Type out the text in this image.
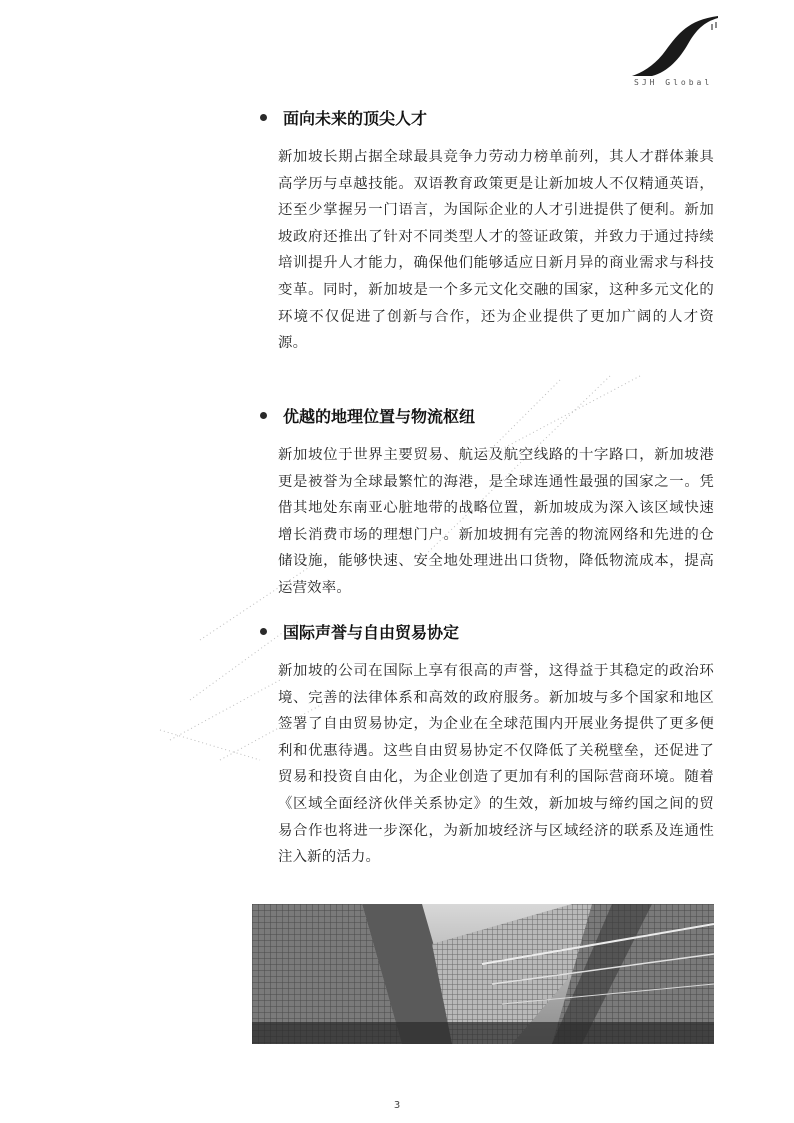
SJH Global
面向未来的顶尖人才
新加坡长期占据全球最具竞争力劳动力榜单前列，其人才群体兼具高学历与卓越技能。双语教育政策更是让新加坡人不仅精通英语，还至少掌握另一门语言，为国际企业的人才引进提供了便利。新加坡政府还推出了针对不同类型人才的签证政策，并致力于通过持续培训提升人才能力，确保他们能够适应日新月异的商业需求与科技变革。同时，新加坡是一个多元文化交融的国家，这种多元文化的环境不仅促进了创新与合作，还为企业提供了更加广阔的人才资源。
优越的地理位置与物流枢纽
新加坡位于世界主要贸易、航运及航空线路的十字路口，新加坡港更是被誉为全球最繁忙的海港，是全球连通性最强的国家之一。凭借其地处东南亚心脏地带的战略位置，新加坡成为深入该区域快速增长消费市场的理想门户。新加坡拥有完善的物流网络和先进的仓储设施，能够快速、安全地处理进出口货物，降低物流成本，提高运营效率。
国际声誉与自由贸易协定
新加坡的公司在国际上享有很高的声誉，这得益于其稳定的政治环境、完善的法律体系和高效的政府服务。新加坡与多个国家和地区签署了自由贸易协定，为企业在全球范围内开展业务提供了更多便利和优惠待遇。这些自由贸易协定不仅降低了关税壁垒，还促进了贸易和投资自由化，为企业创造了更加有利的国际营商环境。随着《区域全面经济伙伴关系协定》的生效，新加坡与缔约国之间的贸易合作也将进一步深化，为新加坡经济与区域经济的联系及连通性注入新的活力。
3
